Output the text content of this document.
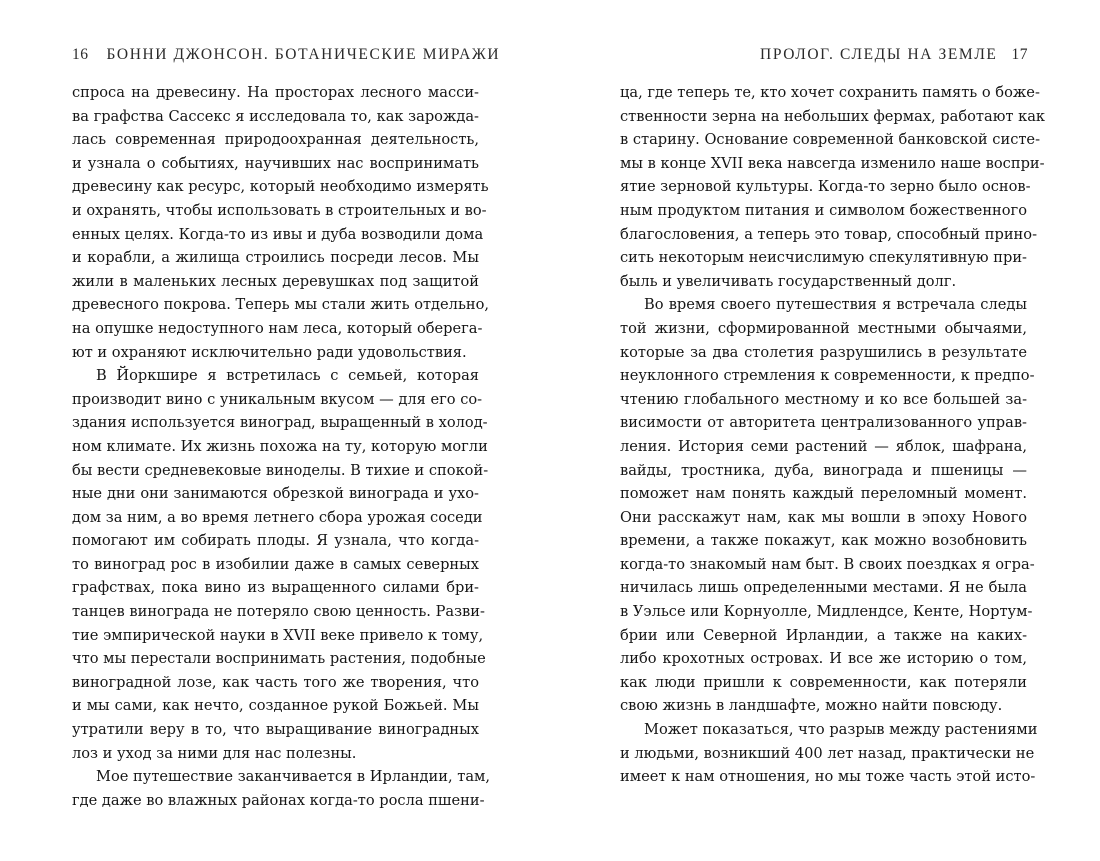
16 БОННИ ДЖОНСОН. БОТАНИЧЕСКИЕ МИРАЖИ
спроса на древесину. На просторах лесного масси-
ва графства Сассекс я исследовала то, как зарожда-
лась современная природоохранная деятельность,
и узнала о событиях, научивших нас воспринимать
древесину как ресурс, который необходимо измерять
и охранять, чтобы использовать в строительных и во-
енных целях. Когда-то из ивы и дуба возводили дома
и корабли, а жилища строились посреди лесов. Мы
жили в маленьких лесных деревушках под защитой
древесного покрова. Теперь мы стали жить отдельно,
на опушке недоступного нам леса, который оберега-
ют и охраняют исключительно ради удовольствия.
В Йоркшире я встретилась с семьей, которая
производит вино с уникальным вкусом — для его со-
здания используется виноград, выращенный в холод-
ном климате. Их жизнь похожа на ту, которую могли
бы вести средневековые виноделы. В тихие и спокой-
ные дни они занимаются обрезкой винограда и ухо-
дом за ним, а во время летнего сбора урожая соседи
помогают им собирать плоды. Я узнала, что когда-
то виноград рос в изобилии даже в самых северных
графствах, пока вино из выращенного силами бри-
танцев винограда не потеряло свою ценность. Разви-
тие эмпирической науки в XVII веке привело к тому,
что мы перестали воспринимать растения, подобные
виноградной лозе, как часть того же творения, что
и мы сами, как нечто, созданное рукой Божьей. Мы
утратили веру в то, что выращивание виноградных
лоз и уход за ними для нас полезны.
Мое путешествие заканчивается в Ирландии, там,
где даже во влажных районах когда-то росла пшени-
ПРОЛОГ. СЛЕДЫ НА ЗЕМЛЕ 17
ца, где теперь те, кто хочет сохранить память о боже-
ственности зерна на небольших фермах, работают как
в старину. Основание современной банковской систе-
мы в конце XVII века навсегда изменило наше воспри-
ятие зерновой культуры. Когда-то зерно было основ-
ным продуктом питания и символом божественного
благословения, а теперь это товар, способный прино-
сить некоторым неисчислимую спекулятивную при-
быль и увеличивать государственный долг.
Во время своего путешествия я встречала следы
той жизни, сформированной местными обычаями,
которые за два столетия разрушились в результате
неуклонного стремления к современности, к предпо-
чтению глобального местному и ко все большей за-
висимости от авторитета централизованного управ-
ления. История семи растений — яблок, шафрана,
вайды, тростника, дуба, винограда и пшеницы —
поможет нам понять каждый переломный момент.
Они расскажут нам, как мы вошли в эпоху Нового
времени, а также покажут, как можно возобновить
когда-то знакомый нам быт. В своих поездках я огра-
ничилась лишь определенными местами. Я не была
в Уэльсе или Корнуолле, Мидлендсе, Кенте, Нортум-
брии или Северной Ирландии, а также на каких-
либо крохотных островах. И все же историю о том,
как люди пришли к современности, как потеряли
свою жизнь в ландшафте, можно найти повсюду.
Может показаться, что разрыв между растениями
и людьми, возникший 400 лет назад, практически не
имеет к нам отношения, но мы тоже часть этой исто-
